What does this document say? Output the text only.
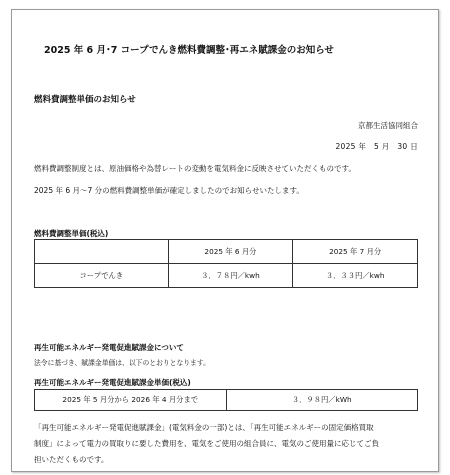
2025 年 6 月･7 コープでんき燃料費調整･再エネ賦課金のお知らせ
燃料費調整単価のお知らせ
京都生活協同組合
2025 年　5 月　30 日
燃料費調整制度とは、原油価格や為替レートの変動を電気料金に反映させていただくものです。
2025 年 6 月～7 分の燃料費調整単価が確定しましたのでお知らせいたします。
燃料費調整単価(税込)
	2025 年 6 月分	2025 年 7 月分
コープでんき	３．７８円／kwh	３．３３円／kwh
再生可能エネルギー発電促進賦課金について
法令に基づき、賦課金単価は、以下のとおりとなります。
再生可能エネルギー発電促進賦課金単価(税込)
2025 年 5 月分から 2026 年 4 月分まで	３．９８円／kWh
「再生可能エネルギー発電促進賦課金」(電気料金の一部)とは、「再生可能エネルギーの固定価格買取
制度」によって電力の買取りに要した費用を、電気をご使用の組合員に、電気のご使用量に応じてご負
担いただくものです。
